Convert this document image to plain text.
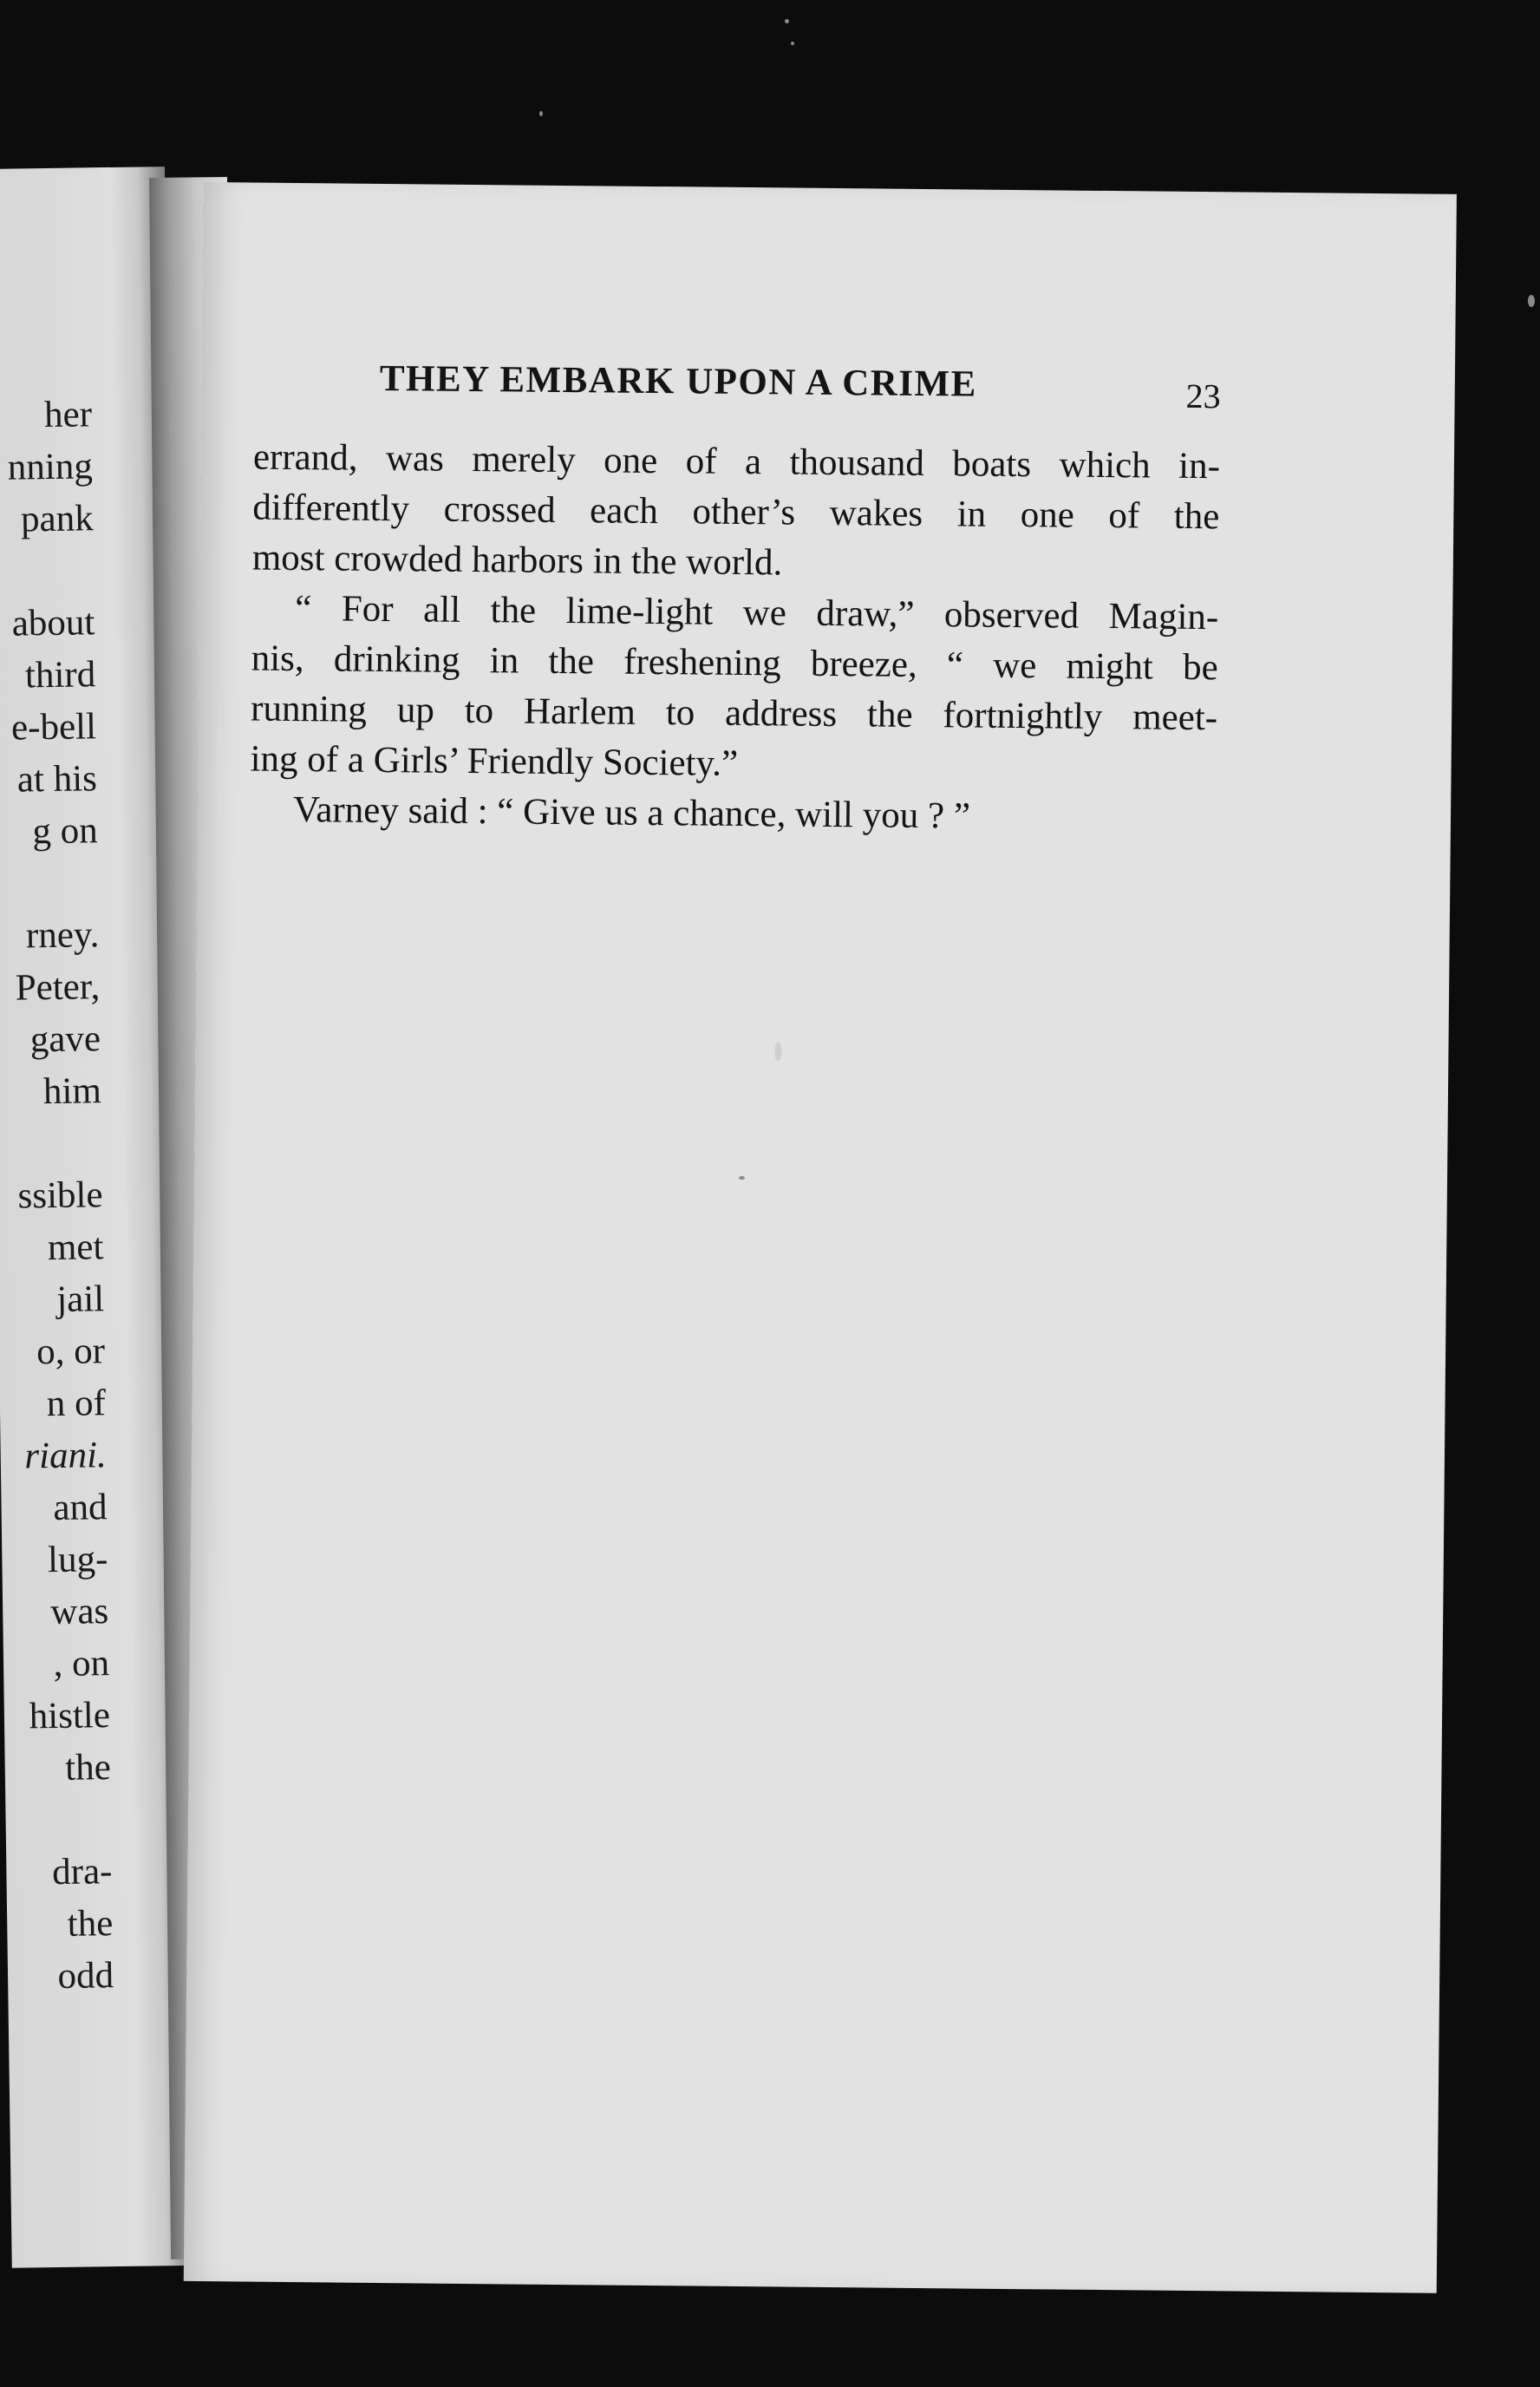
her
nning
pank
about
third
e-bell
at his
g on
rney.
Peter,
gave
him
ssible
met
jail
o, or
n of
riani.
and
lug-
was
, on
histle
the
dra-
the
odd
THEY EMBARK UPON A CRIME	23

errand, was merely one of a thousand boats which in-

differently crossed each other’s wakes in one of the

most crowded harbors in the world.

“ For all the lime-light we draw,” observed Magin-

nis, drinking in the freshening breeze, “ we might be

running up to Harlem to address the fortnightly meet-

ing of a Girls’ Friendly Society.”

Varney said : “ Give us a chance, will you ? ”
